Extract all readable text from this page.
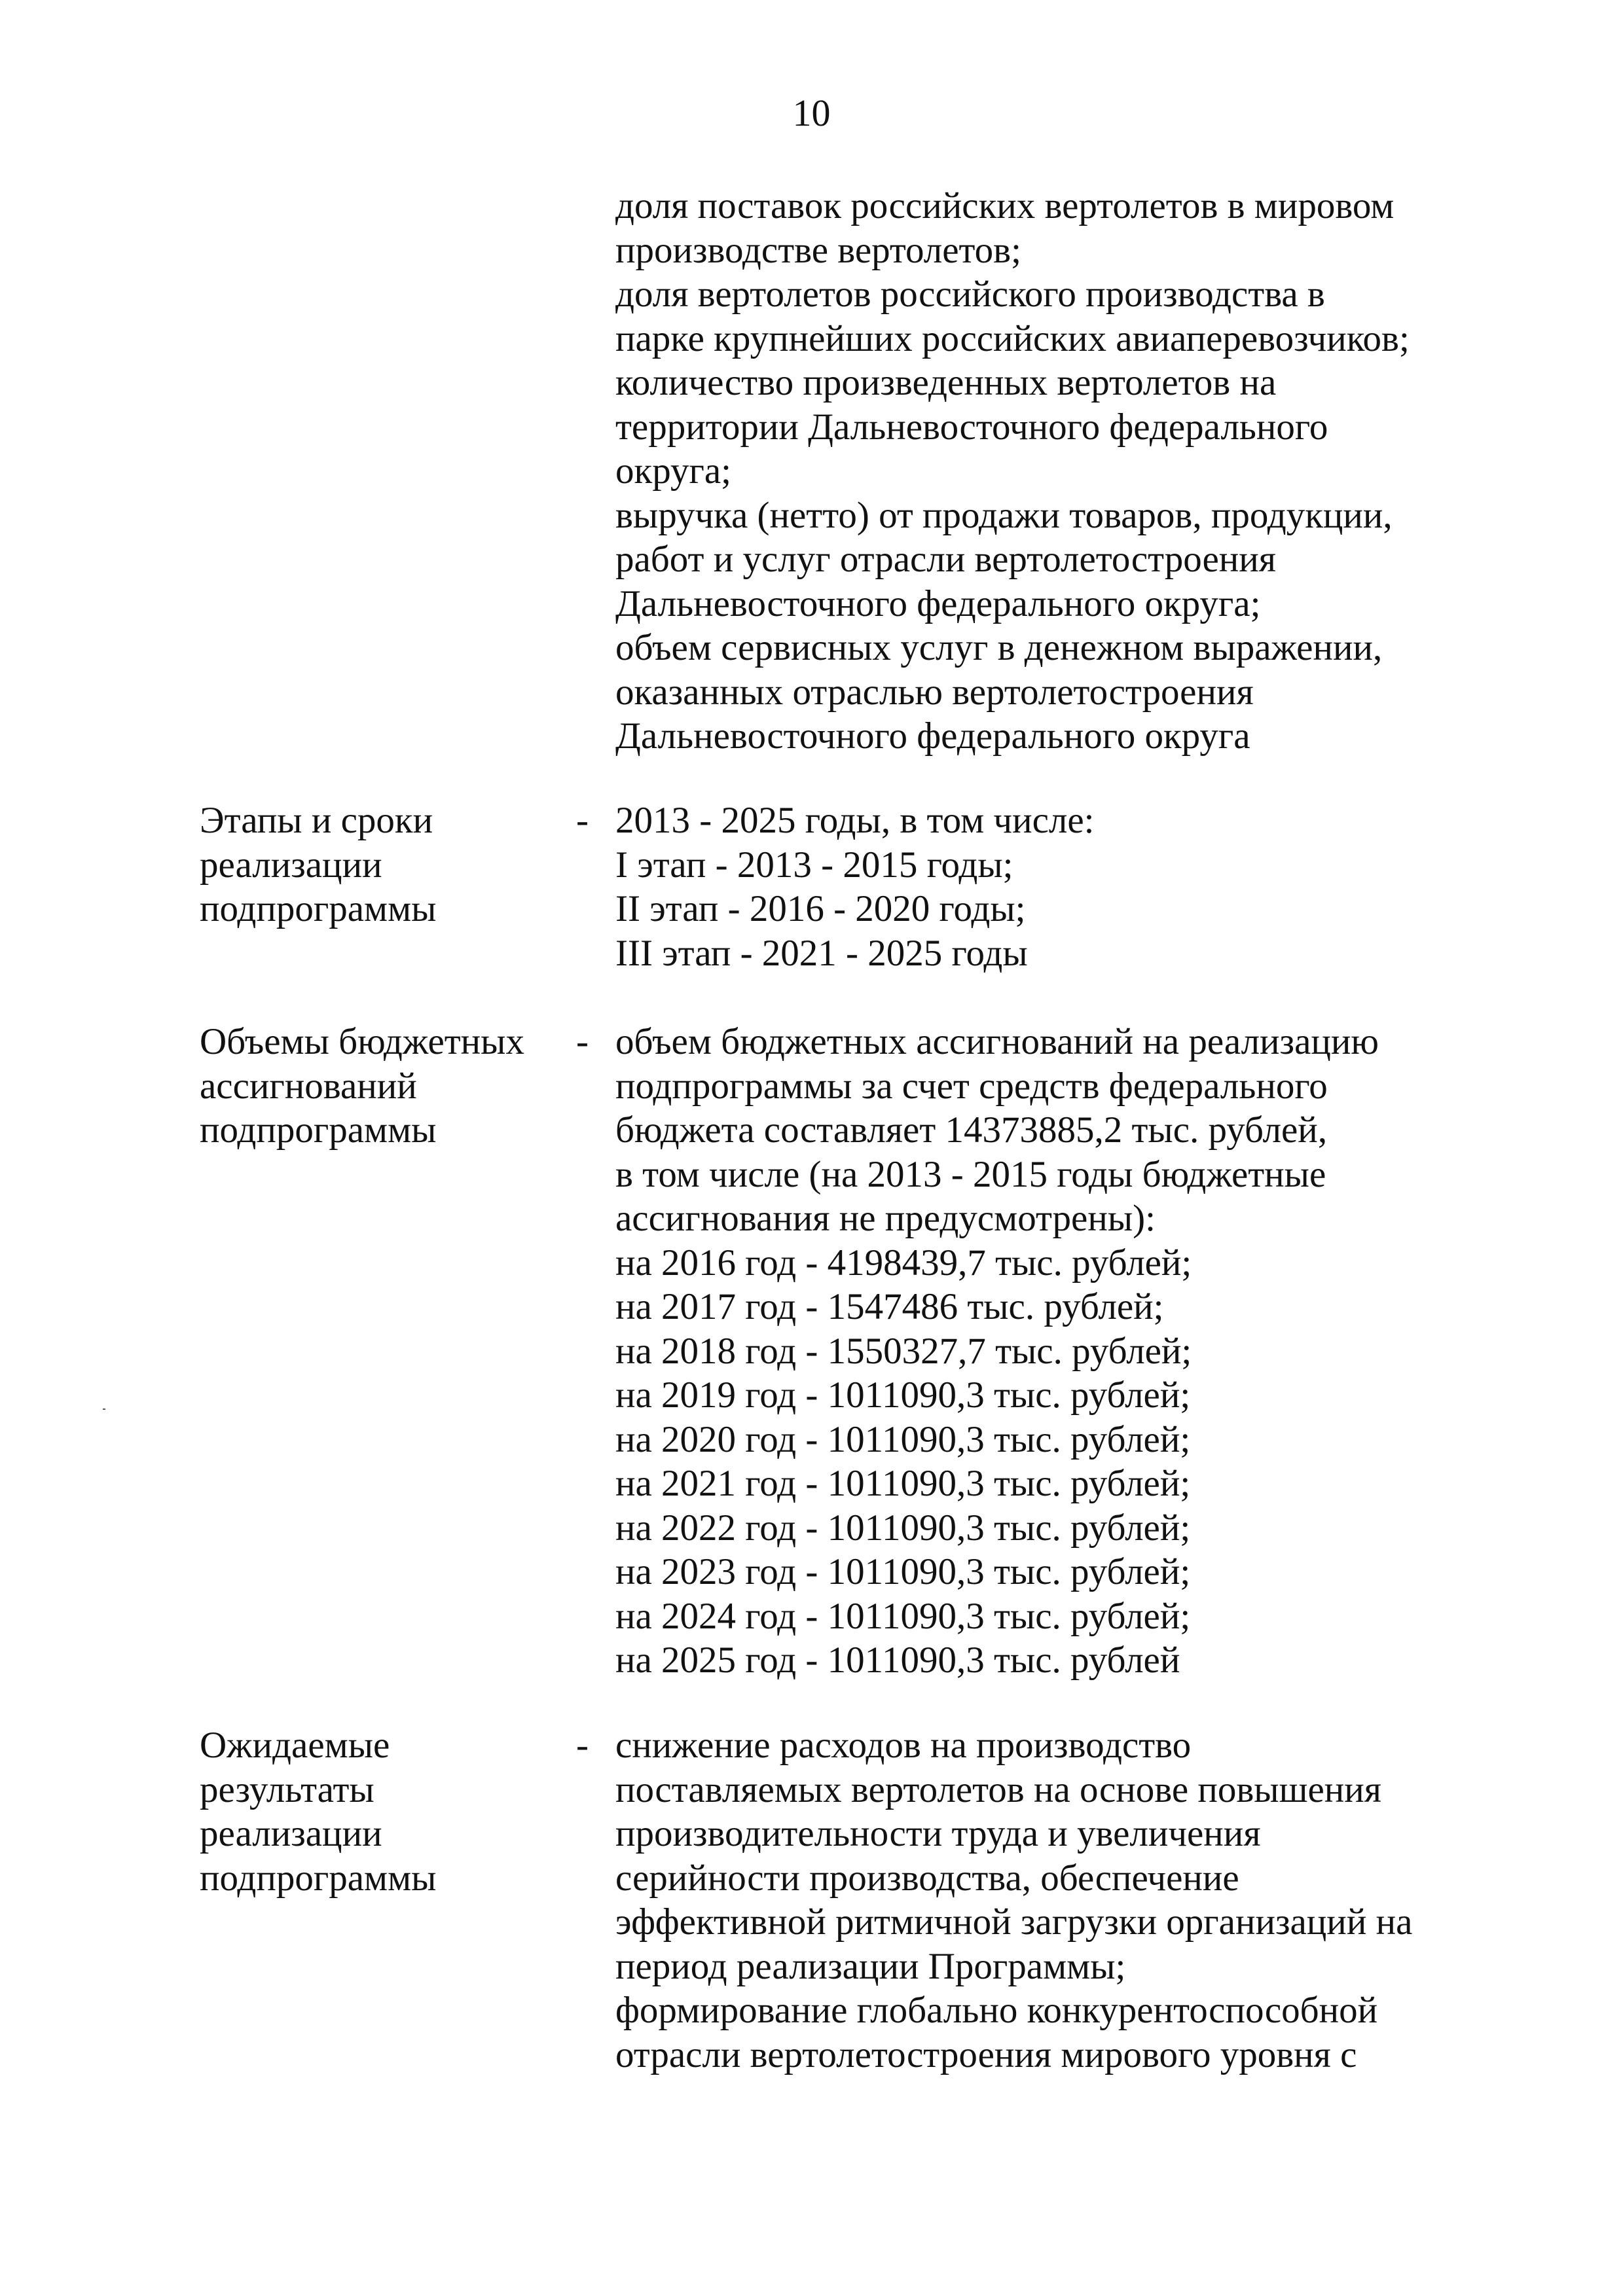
10
доля поставок российских вертолетов в мировом
производстве вертолетов;
доля вертолетов российского производства в
парке крупнейших российских авиаперевозчиков;
количество произведенных вертолетов на
территории Дальневосточного федерального
округа;
выручка (нетто) от продажи товаров, продукции,
работ и услуг отрасли вертолетостроения
Дальневосточного федерального округа;
объем сервисных услуг в денежном выражении,
оказанных отраслью вертолетостроения
Дальневосточного федерального округа
Этапы и сроки
реализации
подпрограммы
- 2013 - 2025 годы, в том числе:
I этап - 2013 - 2015 годы;
II этап - 2016 - 2020 годы;
III этап - 2021 - 2025 годы
Объемы бюджетных
ассигнований
подпрограммы
- объем бюджетных ассигнований на реализацию
подпрограммы за счет средств федерального
бюджета составляет 14373885,2 тыс. рублей,
в том числе (на 2013 - 2015 годы бюджетные
ассигнования не предусмотрены):
на 2016 год - 4198439,7 тыс. рублей;
на 2017 год - 1547486 тыс. рублей;
на 2018 год - 1550327,7 тыс. рублей;
на 2019 год - 1011090,3 тыс. рублей;
на 2020 год - 1011090,3 тыс. рублей;
на 2021 год - 1011090,3 тыс. рублей;
на 2022 год - 1011090,3 тыс. рублей;
на 2023 год - 1011090,3 тыс. рублей;
на 2024 год - 1011090,3 тыс. рублей;
на 2025 год - 1011090,3 тыс. рублей
Ожидаемые
результаты
реализации
подпрограммы
- снижение расходов на производство
поставляемых вертолетов на основе повышения
производительности труда и увеличения
серийности производства, обеспечение
эффективной ритмичной загрузки организаций на
период реализации Программы;
формирование глобально конкурентоспособной
отрасли вертолетостроения мирового уровня с
